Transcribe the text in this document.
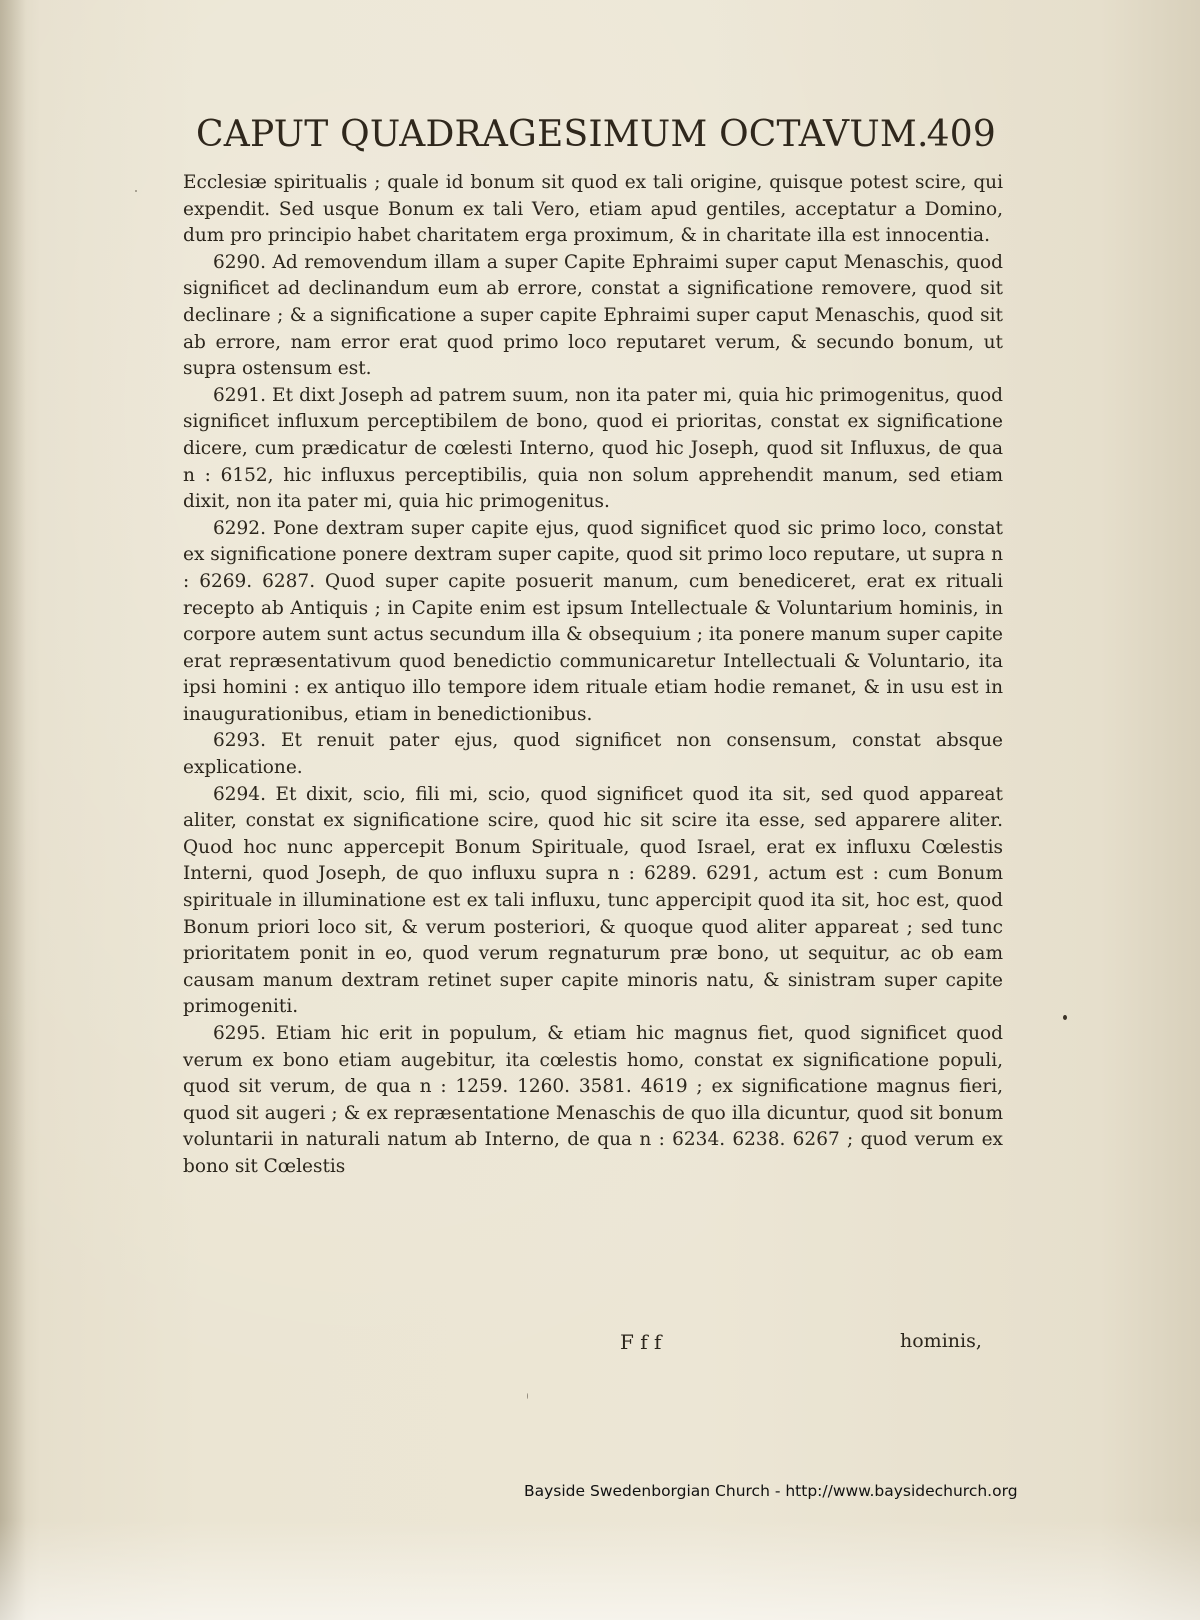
CAPUT QUADRAGESIMUM OCTAVUM.
409

Ecclesiæ spiritualis ; quale id bonum sit quod ex tali origine, quisque potest scire, qui expendit. Sed usque Bonum ex tali Vero, etiam apud gentiles, acceptatur a Domino, dum pro principio habet charitatem erga proximum, & in charitate illa est innocentia.

6290. Ad removendum illam a super Capite Ephraimi super caput Menaschis, quod significet ad declinandum eum ab errore, constat a significatione removere, quod sit declinare ; & a significatione a super capite Ephraimi super caput Menaschis, quod sit ab errore, nam error erat quod primo loco reputaret verum, & secundo bonum, ut supra ostensum est.

6291. Et dixt Joseph ad patrem suum, non ita pater mi, quia hic primogenitus, quod significet influxum perceptibilem de bono, quod ei prioritas, constat ex significatione dicere, cum prædicatur de cœlesti Interno, quod hic Joseph, quod sit Influxus, de qua n : 6152, hic influxus perceptibilis, quia non solum apprehendit manum, sed etiam dixit, non ita pater mi, quia hic primogenitus.

6292. Pone dextram super capite ejus, quod significet quod sic primo loco, constat ex significatione ponere dextram super capite, quod sit primo loco reputare, ut supra n : 6269. 6287. Quod super capite posuerit manum, cum benediceret, erat ex rituali recepto ab Antiquis ; in Capite enim est ipsum Intellectuale & Voluntarium hominis, in corpore autem sunt actus secundum illa & obsequium ; ita ponere manum super capite erat repræsentativum quod benedictio communicaretur Intellectuali & Voluntario, ita ipsi homini : ex antiquo illo tempore idem rituale etiam hodie remanet, & in usu est in inaugurationibus, etiam in benedictionibus.

6293. Et renuit pater ejus, quod significet non consensum, constat absque explicatione.

6294. Et dixit, scio, fili mi, scio, quod significet quod ita sit, sed quod appareat aliter, constat ex significatione scire, quod hic sit scire ita esse, sed apparere aliter. Quod hoc nunc appercepit Bonum Spirituale, quod Israel, erat ex influxu Cœlestis Interni, quod Joseph, de quo influxu supra n : 6289. 6291, actum est : cum Bonum spirituale in illuminatione est ex tali influxu, tunc appercipit quod ita sit, hoc est, quod Bonum priori loco sit, & verum posteriori, & quoque quod aliter appareat ; sed tunc prioritatem ponit in eo, quod verum regnaturum præ bono, ut sequitur, ac ob eam causam manum dextram retinet super capite minoris natu, & sinistram super capite primogeniti.

6295. Etiam hic erit in populum, & etiam hic magnus fiet, quod significet quod verum ex bono etiam augebitur, ita cœlestis homo, constat ex significatione populi, quod sit verum, de qua n : 1259. 1260. 3581. 4619 ; ex significatione magnus fieri, quod sit augeri ; & ex repræsentatione Menaschis de quo illa dicuntur, quod sit bonum voluntarii in naturali natum ab Interno, de qua n : 6234. 6238. 6267 ; quod verum ex bono sit Cœlestis

F f f	hominis,
Bayside Swedenborgian Church - http://www.baysidechurch.org
